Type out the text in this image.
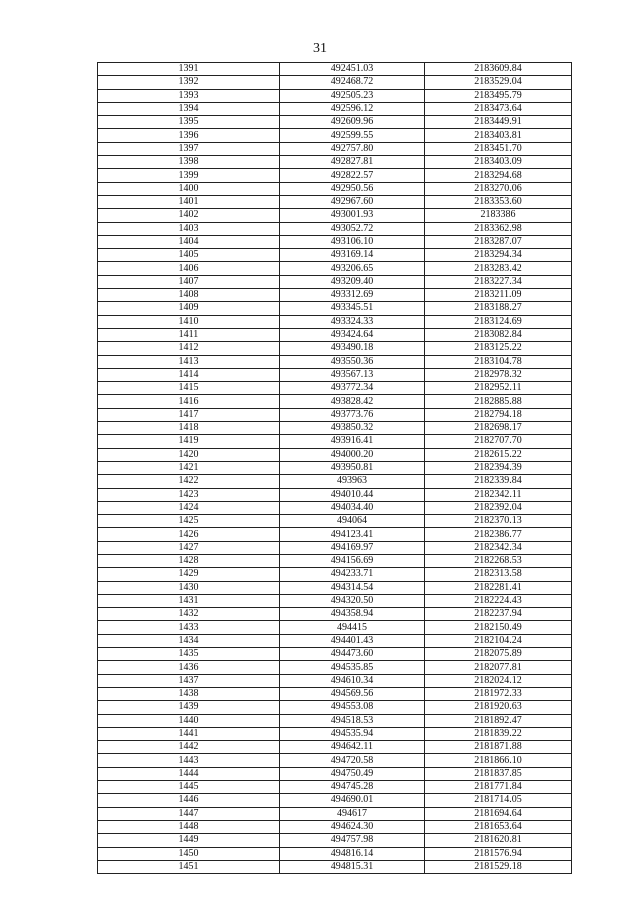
31
1391	492451.03	2183609.84
1392	492468.72	2183529.04
1393	492505.23	2183495.79
1394	492596.12	2183473.64
1395	492609.96	2183449.91
1396	492599.55	2183403.81
1397	492757.80	2183451.70
1398	492827.81	2183403.09
1399	492822.57	2183294.68
1400	492950.56	2183270.06
1401	492967.60	2183353.60
1402	493001.93	2183386
1403	493052.72	2183362.98
1404	493106.10	2183287.07
1405	493169.14	2183294.34
1406	493206.65	2183283.42
1407	493209.40	2183227.34
1408	493312.69	2183211.09
1409	493345.51	2183188.27
1410	493324.33	2183124.69
1411	493424.64	2183082.84
1412	493490.18	2183125.22
1413	493550.36	2183104.78
1414	493567.13	2182978.32
1415	493772.34	2182952.11
1416	493828.42	2182885.88
1417	493773.76	2182794.18
1418	493850.32	2182698.17
1419	493916.41	2182707.70
1420	494000.20	2182615.22
1421	493950.81	2182394.39
1422	493963	2182339.84
1423	494010.44	2182342.11
1424	494034.40	2182392.04
1425	494064	2182370.13
1426	494123.41	2182386.77
1427	494169.97	2182342.34
1428	494156.69	2182268.53
1429	494233.71	2182313.58
1430	494314.54	2182281.41
1431	494320.50	2182224.43
1432	494358.94	2182237.94
1433	494415	2182150.49
1434	494401.43	2182104.24
1435	494473.60	2182075.89
1436	494535.85	2182077.81
1437	494610.34	2182024.12
1438	494569.56	2181972.33
1439	494553.08	2181920.63
1440	494518.53	2181892.47
1441	494535.94	2181839.22
1442	494642.11	2181871.88
1443	494720.58	2181866.10
1444	494750.49	2181837.85
1445	494745.28	2181771.84
1446	494690.01	2181714.05
1447	494617	2181694.64
1448	494624.30	2181653.64
1449	494757.98	2181620.81
1450	494816.14	2181576.94
1451	494815.31	2181529.18
